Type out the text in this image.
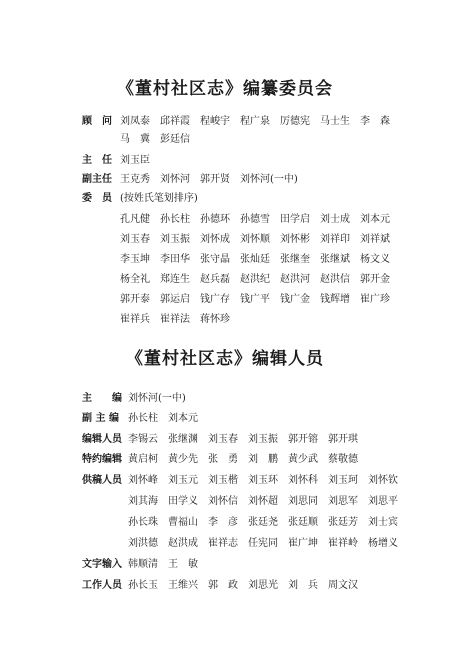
《董村社区志》编纂委员会
顾　问 刘凤泰 邱祥霞 程峻宇 程广泉 厉德宪 马士生 李　森
马　冀 彭廷信
主　任 刘玉臣
副主任 王克秀　刘怀河　郭开贤　刘怀河(一中)
委　员 (按姓氏笔划排序)
孔凡健 孙长柱 孙德环 孙德雪 田学启 刘士成 刘本元
刘玉春 刘玉振 刘怀成 刘怀顺 刘怀彬 刘祥印 刘祥斌
李玉坤 李田华 张守晶 张灿廷 张继奎 张继斌 杨文义
杨全礼 郑连生 赵兵磊 赵洪纪 赵洪河 赵洪信 郭开金
郭开泰 郭运启 钱广存 钱广平 钱广金 钱辉增 崔广珍
崔祥兵 崔祥法 蒋怀珍
《董村社区志》编辑人员
主　　编 刘怀河(一中)
副 主 编 孙长柱　刘本元
编辑人员 李锡云 张继渊 刘玉春 刘玉振 郭开镕 郭开琪
特约编辑 黄启柯 黄少先 张　勇 刘　鹏 黄少武 蔡敬德
供稿人员 刘怀峰 刘玉元 刘玉楷 刘玉环 刘怀科 刘玉珂 刘怀钦
刘其海 田学义 刘怀信 刘怀超 刘思同 刘思军 刘思平
孙长珠 曹福山 李　彦 张廷尧 张廷顺 张廷芳 刘士宾
刘洪德 赵洪成 崔祥志 任宪同 崔广坤 崔祥岭 杨增义
文字输入 韩顺清　王　敏
工作人员 孙长玉 王维兴 郭　政 刘思光 刘　兵 周文汉
